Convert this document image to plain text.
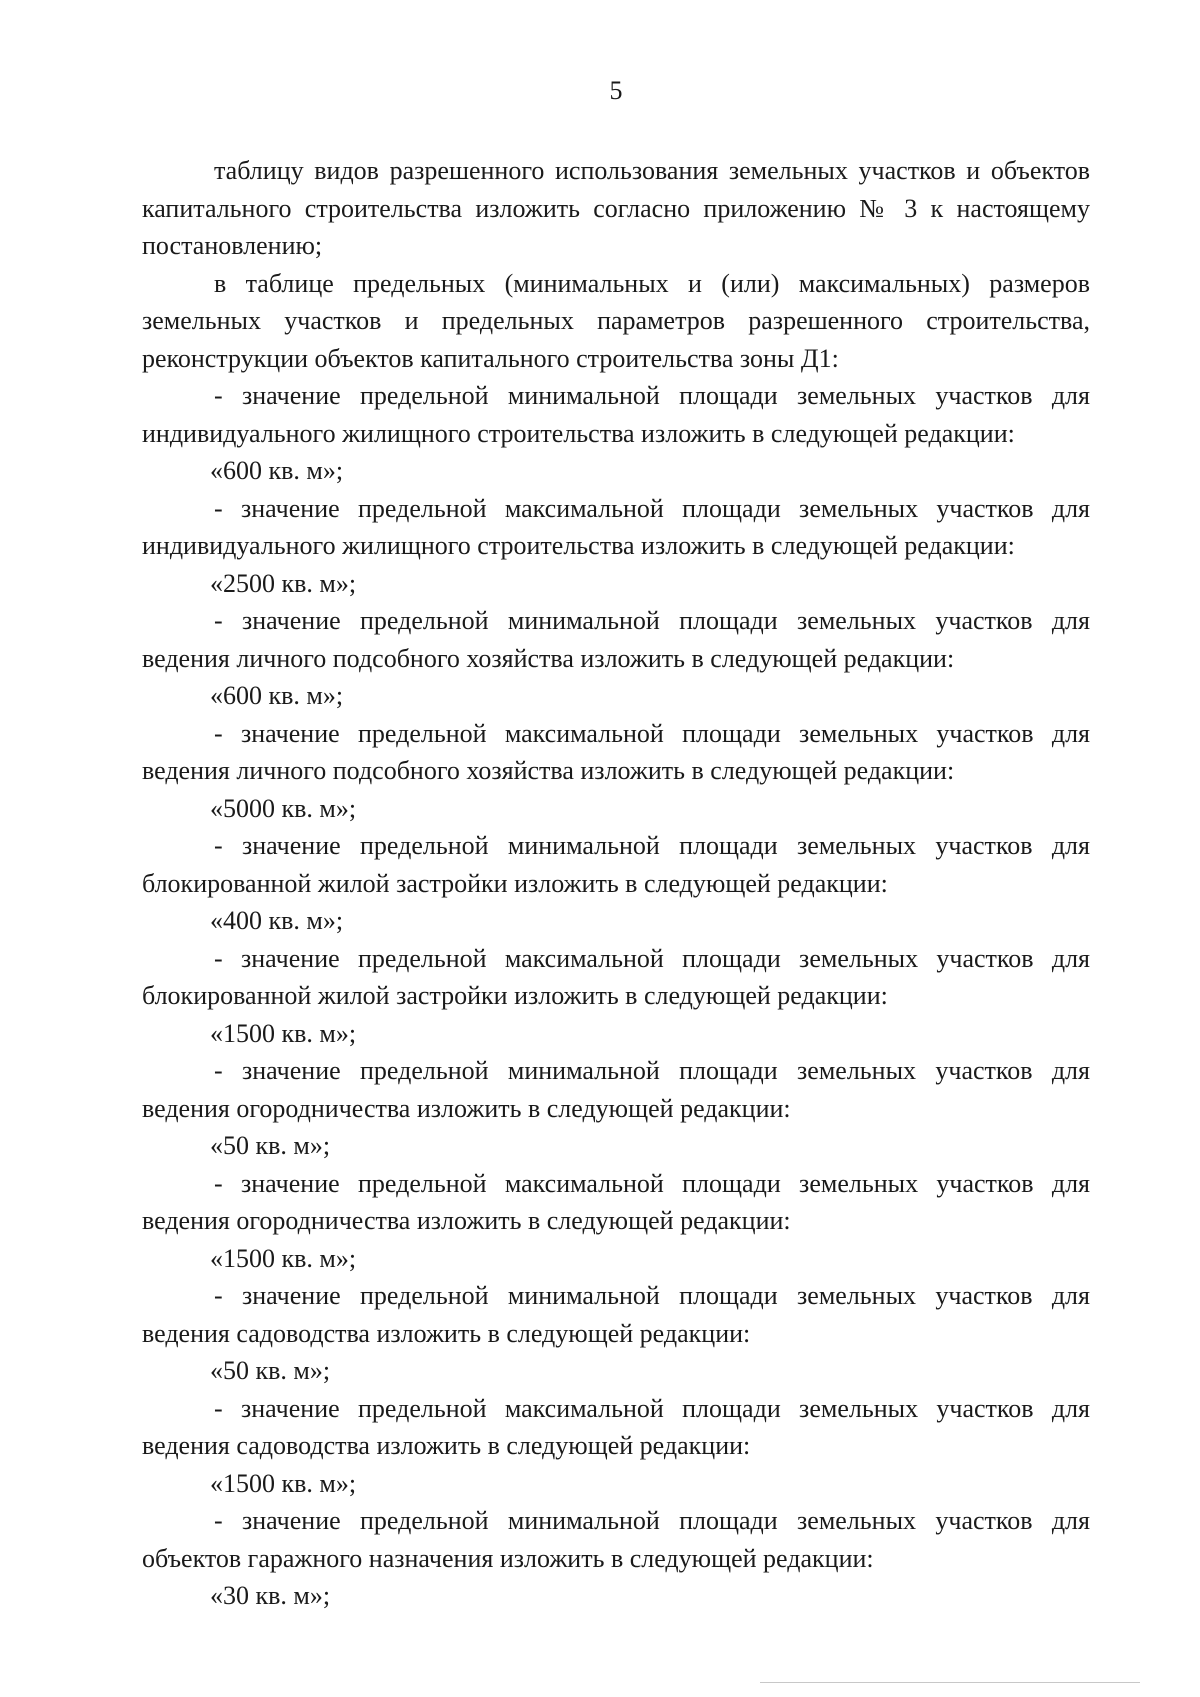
5

таблицу видов разрешенного использования земельных участков и объектов капитального строительства изложить согласно приложению № 3 к настоящему постановлению;

в таблице предельных (минимальных и (или) максимальных) размеров земельных участков и предельных параметров разрешенного строительства, реконструкции объектов капитального строительства зоны Д1:

- значение предельной минимальной площади земельных участков для индивидуального жилищного строительства изложить в следующей редакции:

«600 кв. м»;

- значение предельной максимальной площади земельных участков для индивидуального жилищного строительства изложить в следующей редакции:

«2500 кв. м»;

- значение предельной минимальной площади земельных участков для ведения личного подсобного хозяйства изложить в следующей редакции:

«600 кв. м»;

- значение предельной максимальной площади земельных участков для ведения личного подсобного хозяйства изложить в следующей редакции:

«5000 кв. м»;

- значение предельной минимальной площади земельных участков для блокированной жилой застройки изложить в следующей редакции:

«400 кв. м»;

- значение предельной максимальной площади земельных участков для блокированной жилой застройки изложить в следующей редакции:

«1500 кв. м»;

- значение предельной минимальной площади земельных участков для ведения огородничества изложить в следующей редакции:

«50 кв. м»;

- значение предельной максимальной площади земельных участков для ведения огородничества изложить в следующей редакции:

«1500 кв. м»;

- значение предельной минимальной площади земельных участков для ведения садоводства изложить в следующей редакции:

«50 кв. м»;

- значение предельной максимальной площади земельных участков для ведения садоводства изложить в следующей редакции:

«1500 кв. м»;

- значение предельной минимальной площади земельных участков для объектов гаражного назначения изложить в следующей редакции:

«30 кв. м»;
